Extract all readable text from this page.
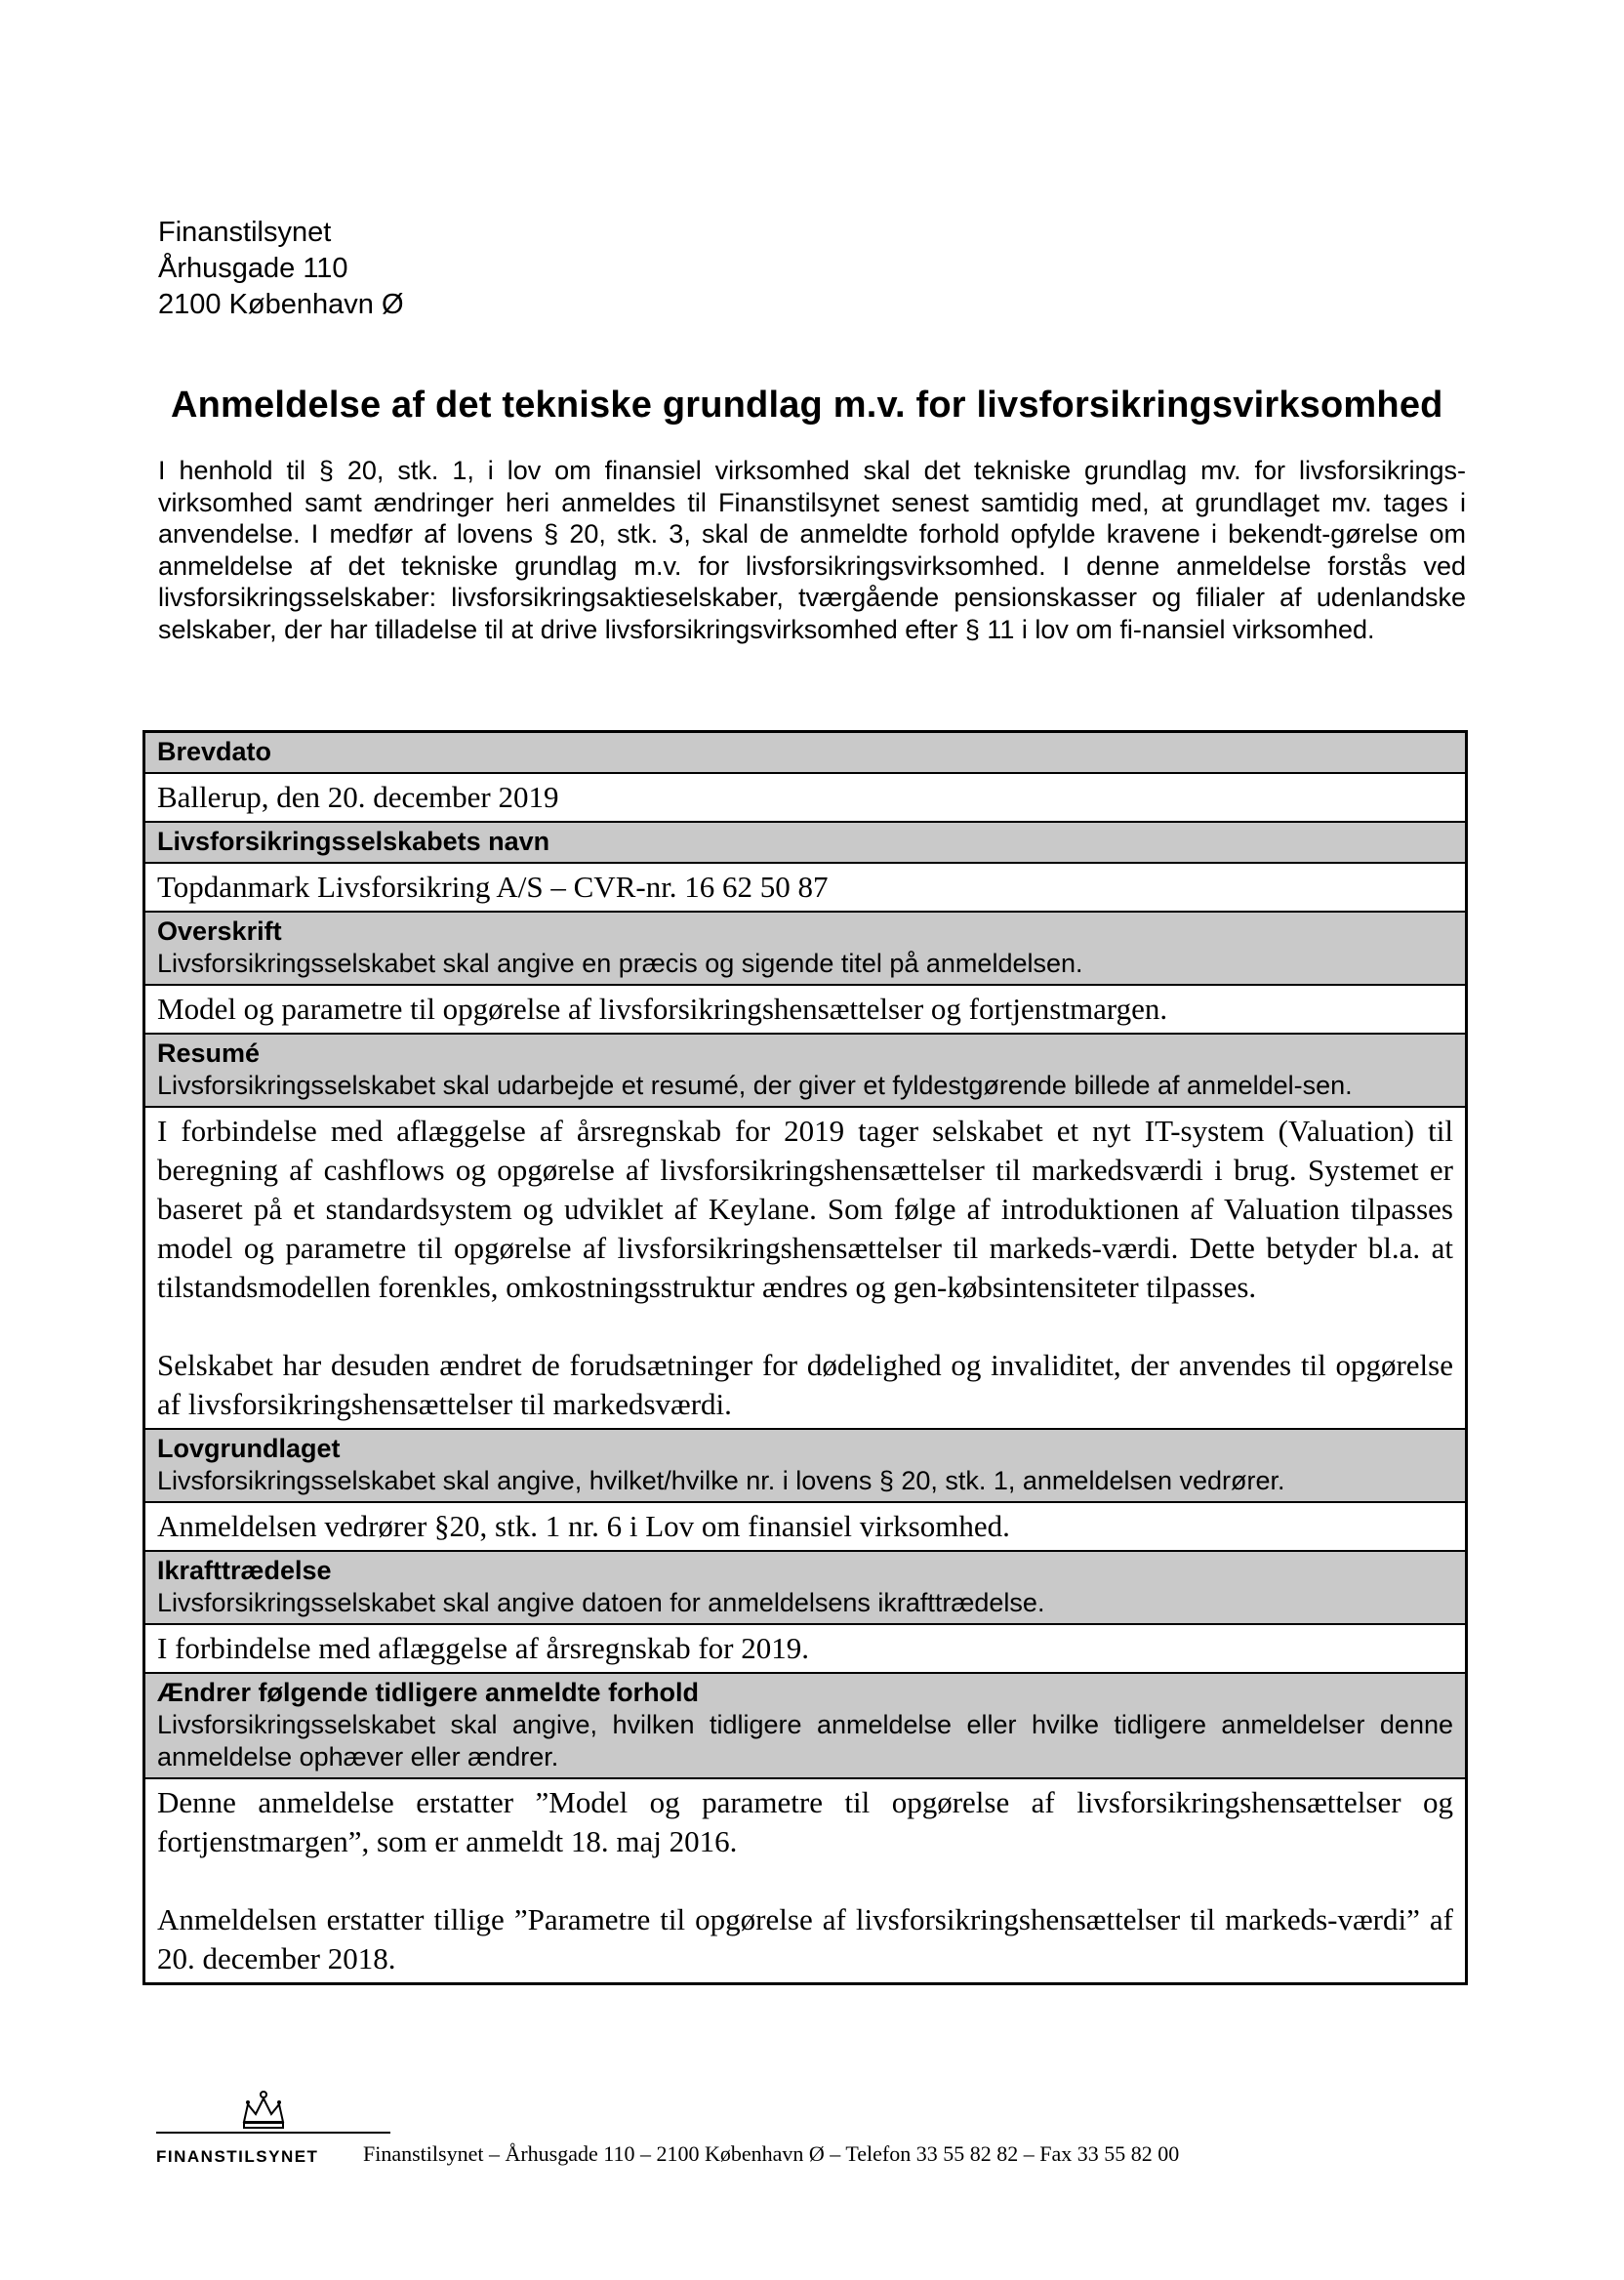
Finanstilsynet
Århusgade 110
2100 København Ø
Anmeldelse af det tekniske grundlag m.v. for livsforsikringsvirksomhed

I henhold til § 20, stk. 1, i lov om finansiel virksomhed skal det tekniske grundlag mv. for livsforsikrings-virksomhed samt ændringer heri anmeldes til Finanstilsynet senest samtidig med, at grundlaget mv. tages i anvendelse. I medfør af lovens § 20, stk. 3, skal de anmeldte forhold opfylde kravene i bekendt-gørelse om anmeldelse af det tekniske grundlag m.v. for livsforsikringsvirksomhed. I denne anmeldelse forstås ved livsforsikringsselskaber: livsforsikringsaktieselskaber, tværgående pensionskasser og filialer af udenlandske selskaber, der har tilladelse til at drive livsforsikringsvirksomhed efter § 11 i lov om fi-nansiel virksomhed.

Brevdato
Ballerup, den 20. december 2019
Livsforsikringsselskabets navn
Topdanmark Livsforsikring A/S – CVR-nr. 16 62 50 87
Overskrift
Livsforsikringsselskabet skal angive en præcis og sigende titel på anmeldelsen.
Model og parametre til opgørelse af livsforsikringshensættelser og fortjenstmargen.
Resumé
Livsforsikringsselskabet skal udarbejde et resumé, der giver et fyldestgørende billede af anmeldel-sen.

I forbindelse med aflæggelse af årsregnskab for 2019 tager selskabet et nyt IT-system (Valuation) til beregning af cashflows og opgørelse af livsforsikringshensættelser til markedsværdi i brug. Systemet er baseret på et standardsystem og udviklet af Keylane. Som følge af introduktionen af Valuation tilpasses model og parametre til opgørelse af livsforsikringshensættelser til markeds-værdi. Dette betyder bl.a. at tilstandsmodellen forenkles, omkostningsstruktur ændres og gen-købsintensiteter tilpasses.

Selskabet har desuden ændret de forudsætninger for dødelighed og invaliditet, der anvendes til opgørelse af livsforsikringshensættelser til markedsværdi.

Lovgrundlaget
Livsforsikringsselskabet skal angive, hvilket/hvilke nr. i lovens § 20, stk. 1, anmeldelsen vedrører.
Anmeldelsen vedrører §20, stk. 1 nr. 6 i Lov om finansiel virksomhed.
Ikrafttrædelse
Livsforsikringsselskabet skal angive datoen for anmeldelsens ikrafttrædelse.
I forbindelse med aflæggelse af årsregnskab for 2019.
Ændrer følgende tidligere anmeldte forhold
Livsforsikringsselskabet skal angive, hvilken tidligere anmeldelse eller hvilke tidligere anmeldelser denne anmeldelse ophæver eller ændrer.

Denne anmeldelse erstatter ”Model og parametre til opgørelse af livsforsikringshensættelser og fortjenstmargen”, som er anmeldt 18. maj 2016.

Anmeldelsen erstatter tillige ”Parametre til opgørelse af livsforsikringshensættelser til markeds-værdi” af 20. december 2018.

FINANSTILSYNET Finanstilsynet – Århusgade 110 – 2100 København Ø – Telefon 33 55 82 82 – Fax 33 55 82 00
